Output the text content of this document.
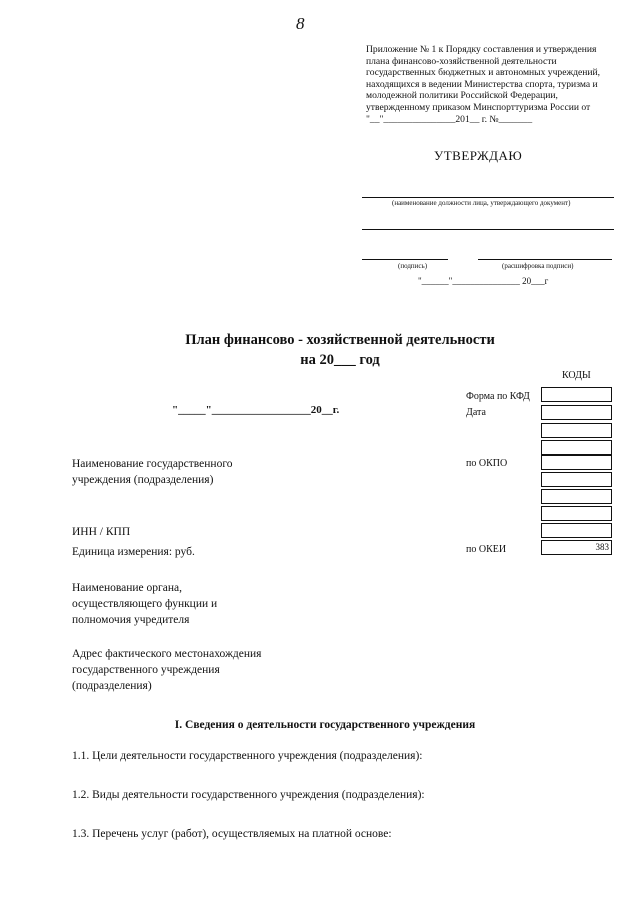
8
Приложение № 1 к Порядку составления и утверждения
плана финансово-хозяйственной деятельности
государственных бюджетных и автономных учреждений,
находящихся в ведении Министерства спорта, туризма и
молодежной политики Российской Федерации,
утвержденному приказом Минспорттуризма России от
"__"_______________201__ г. №_______
УТВЕРЖДАЮ
(наименование должности лица, утверждающего документ)
(подпись)	(расшифровка подписи)
"______"_______________ 20___г
План финансово - хозяйственной деятельности
на 20___ год
КОДЫ
Форма по КФД
Дата
по ОКПО
по ОКЕИ	383
"_____"__________________20__г.
Наименование государственного
учреждения (подразделения)
ИНН / КПП
Единица измерения: руб.
Наименование органа,
осуществляющего функции и
полномочия учредителя
Адрес фактического местонахождения
государственного учреждения
(подразделения)
I. Сведения о деятельности государственного учреждения
1.1. Цели деятельности государственного учреждения (подразделения):
1.2. Виды деятельности государственного учреждения (подразделения):
1.3. Перечень услуг (работ), осуществляемых на платной основе:
